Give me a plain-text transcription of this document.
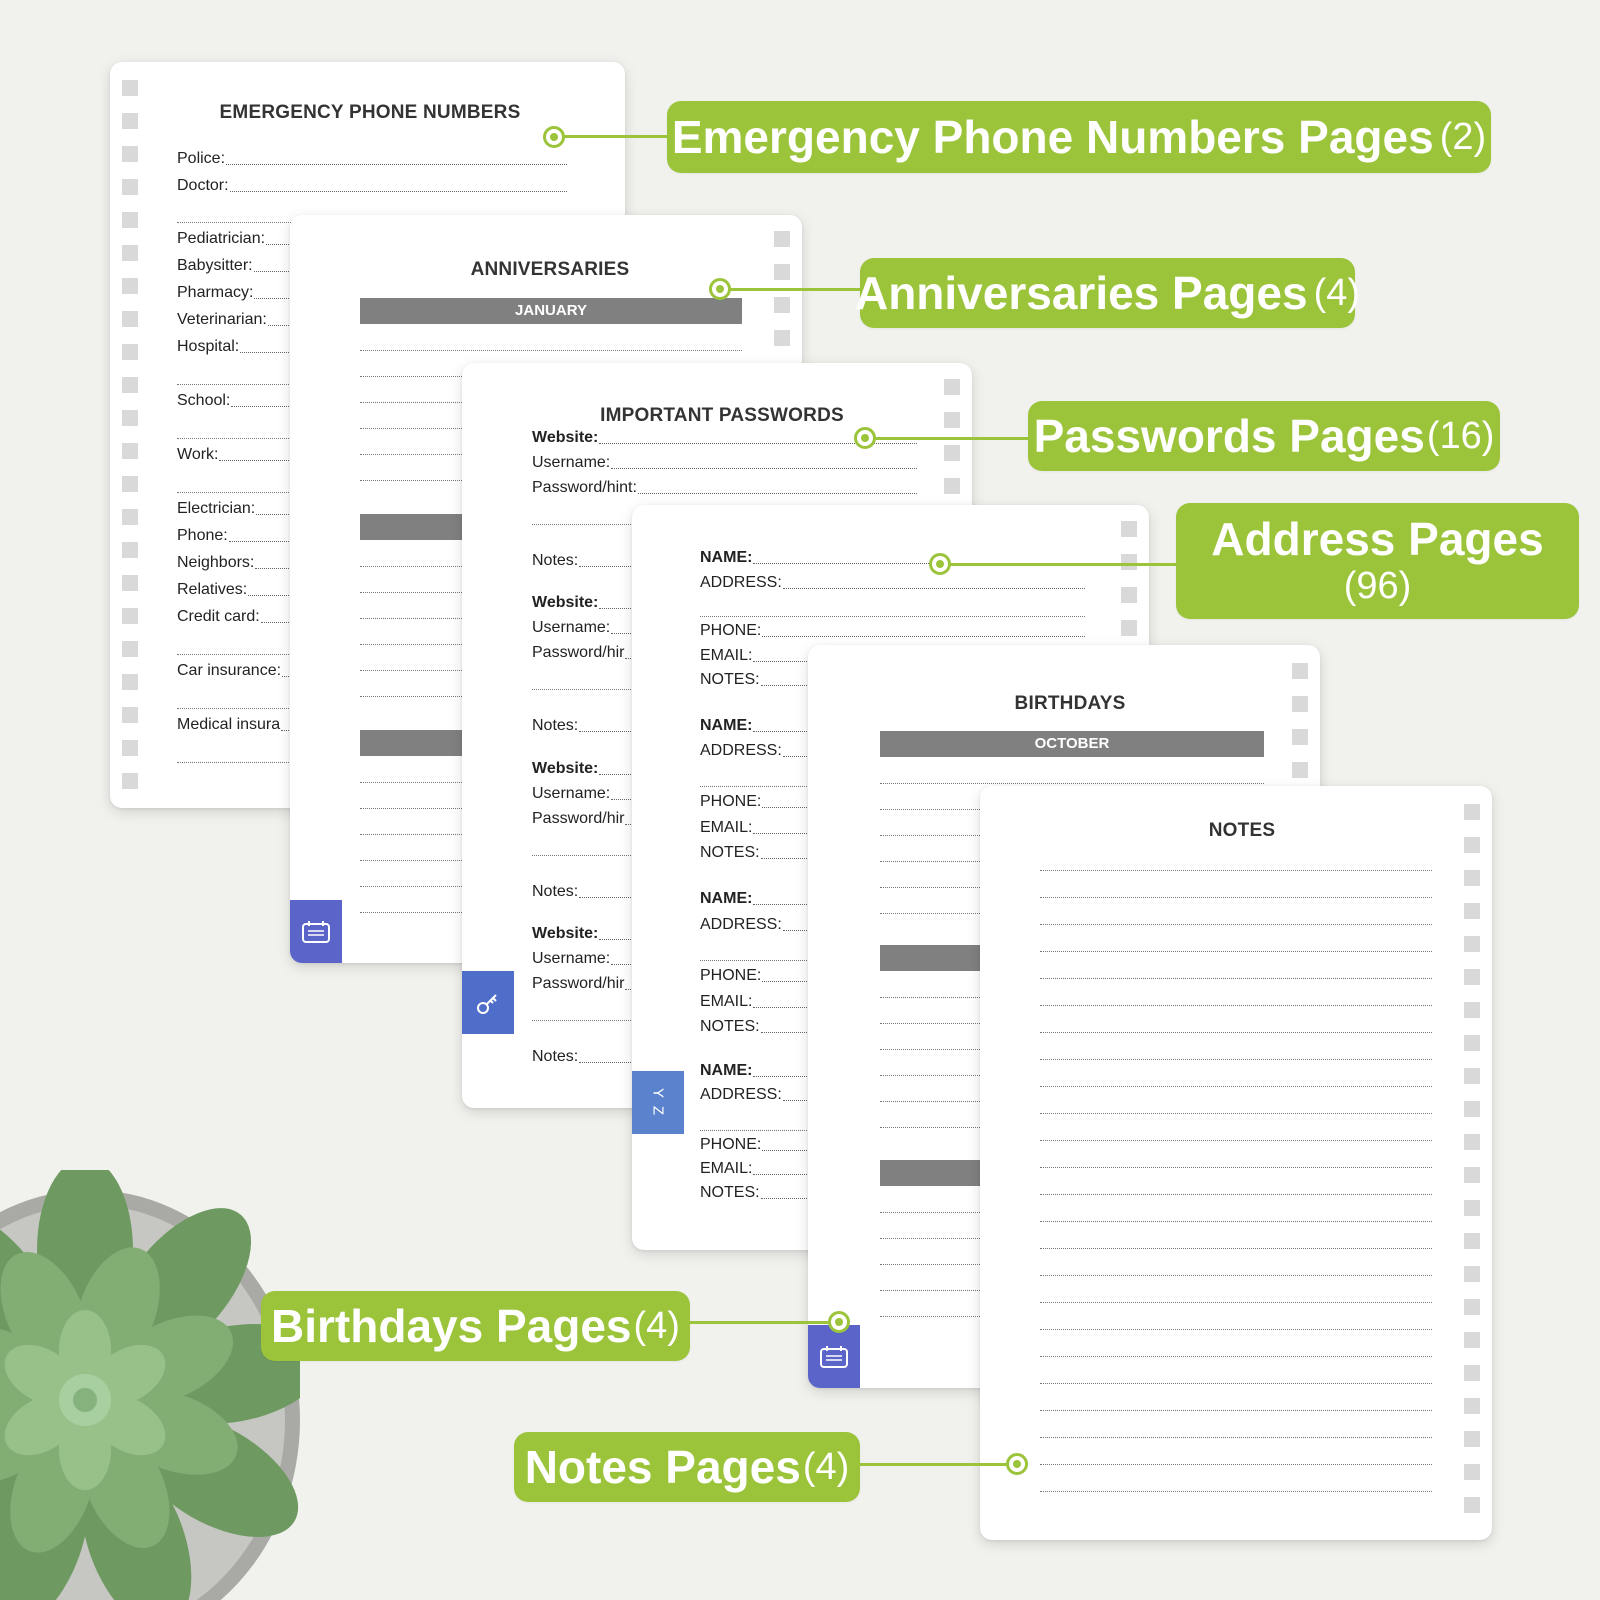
EMERGENCY PHONE NUMBERS
Police:
Doctor:
Pediatrician:
Babysitter:
Pharmacy:
Veterinarian:
Hospital:
School:
Work:
Electrician:
Phone:
Neighbors:
Relatives:
Credit card:
Car insurance:
Medical insura
ANNIVERSARIES
JANUARY
IMPORTANT PASSWORDS
Website:
Username:
Password/hint:
Notes:
Website:
Username:
Password/hir
Notes:
Website:
Username:
Password/hir
Notes:
Website:
Username:
Password/hir
Notes:
NAME:
ADDRESS:
PHONE:
EMAIL:
NOTES:
NAME:
ADDRESS:
PHONE:
EMAIL:
NOTES:
NAME:
ADDRESS:
PHONE:
EMAIL:
NOTES:
NAME:
ADDRESS:
PHONE:
EMAIL:
NOTES:
Y Z
BIRTHDAYS
OCTOBER
NOTES
Emergency Phone Numbers Pages (2)
Anniversaries Pages (4)
Passwords Pages (16)
Address Pages
(96)
Birthdays Pages (4)
Notes Pages (4)
